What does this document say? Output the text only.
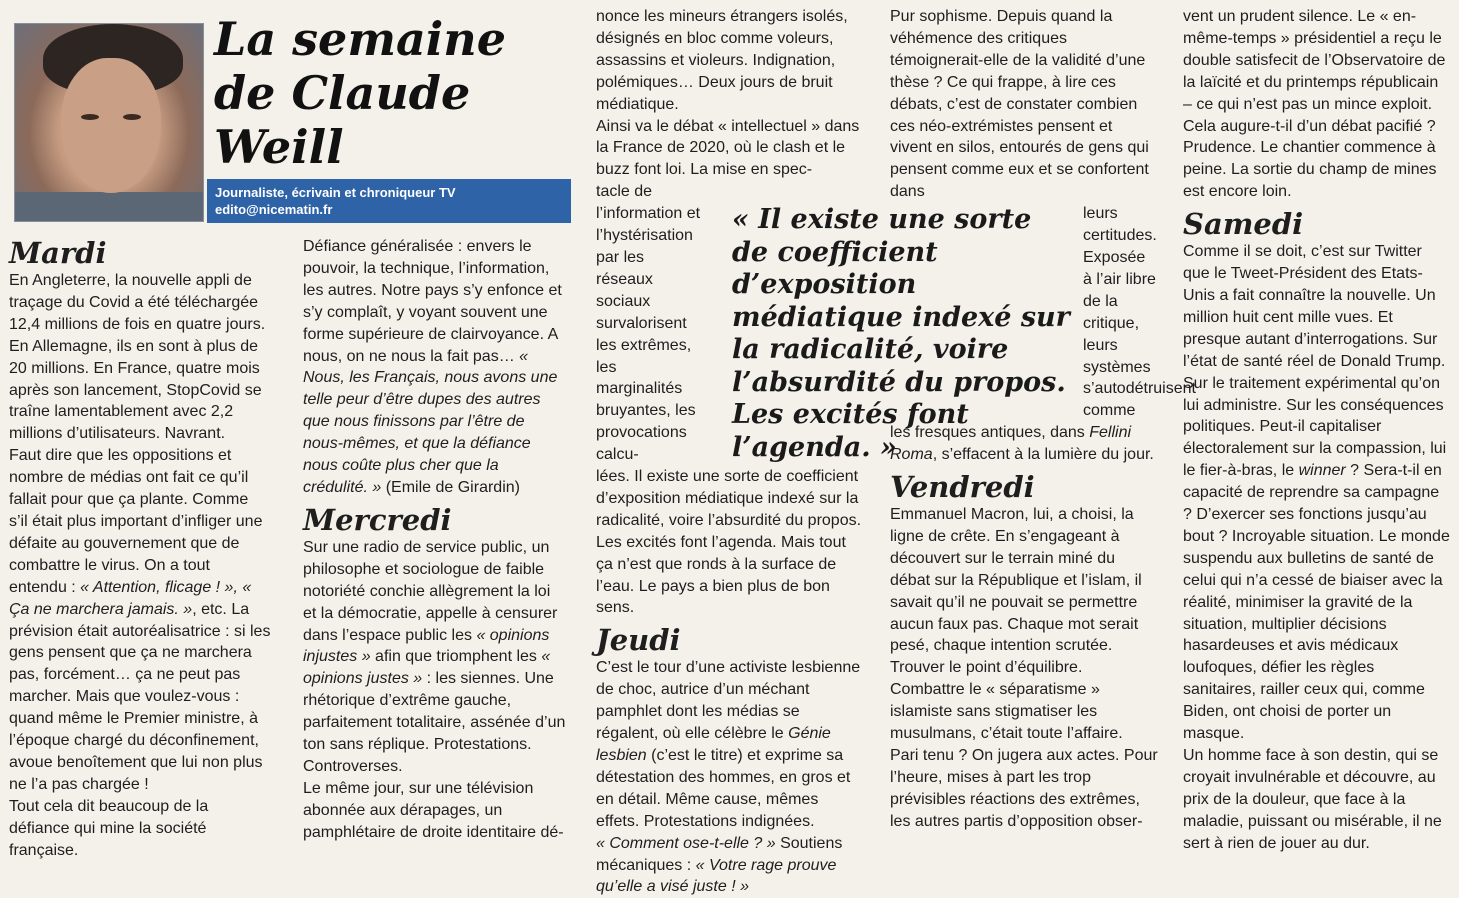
La semaine
de Claude Weill
Journaliste, écrivain et chroniqueur TV
edito@nicematin.fr
Mardi

En Angleterre, la nouvelle appli de traçage du Covid a été téléchargée 12,4 millions de fois en quatre jours. En Allemagne, ils en sont à plus de 20 millions. En France, quatre mois après son lancement, StopCovid se traîne lamentablement avec 2,2 millions d’utilisateurs. Navrant.

Faut dire que les oppositions et nombre de médias ont fait ce qu’il fallait pour que ça plante. Comme s’il était plus important d’infliger une défaite au gouvernement que de combattre le virus. On a tout entendu : « Attention, flicage ! », « Ça ne marchera jamais. », etc. La prévision était autoréalisatrice : si les gens pensent que ça ne marchera pas, forcément… ça ne peut pas marcher. Mais que voulez-vous : quand même le Premier ministre, à l’époque chargé du déconfinement, avoue benoîtement que lui non plus ne l’a pas chargée !

Tout cela dit beaucoup de la défiance qui mine la société française.

Défiance généralisée : envers le pouvoir, la technique, l’information, les autres. Notre pays s’y enfonce et s’y complaît, y voyant souvent une forme supérieure de clairvoyance. A nous, on ne nous la fait pas… « Nous, les Français, nous avons une telle peur d’être dupes des autres que nous finissons par l’être de nous-mêmes, et que la défiance nous coûte plus cher que la crédulité. » (Emile de Girardin)

Mercredi

Sur une radio de service public, un philosophe et sociologue de faible notoriété conchie allègrement la loi et la démocratie, appelle à censurer dans l’espace public les « opinions injustes » afin que triomphent les « opinions justes » : les siennes. Une rhétorique d’extrême gauche, parfaitement totalitaire, assénée d’un ton sans réplique. Protestations. Controverses.

Le même jour, sur une télévision abonnée aux dérapages, un pamphlétaire de droite identitaire dé-

nonce les mineurs étrangers isolés, désignés en bloc comme voleurs, assassins et violeurs. Indignation, polémiques… Deux jours de bruit médiatique.

Ainsi va le débat « intellectuel » dans la France de 2020, où le clash et le buzz font loi. La mise en spec-

tacle de l’information et l’hystérisation par les réseaux sociaux survalorisent les extrêmes, les marginalités bruyantes, les provocations calcu-

lées. Il existe une sorte de coefficient d’exposition médiatique indexé sur la radicalité, voire l’absurdité du propos. Les excités font l’agenda. Mais tout ça n’est que ronds à la surface de l’eau. Le pays a bien plus de bon sens.

Jeudi

C’est le tour d’une activiste lesbienne de choc, autrice d’un méchant pamphlet dont les médias se régalent, où elle célèbre le Génie lesbien (c’est le titre) et exprime sa détestation des hommes, en gros et en détail. Même cause, mêmes effets. Protestations indignées.

« Comment ose-t-elle ? » Soutiens mécaniques : « Votre rage prouve qu’elle a visé juste ! »

Pur sophisme. Depuis quand la véhémence des critiques témoignerait-elle de la validité d’une thèse ? Ce qui frappe, à lire ces débats, c’est de constater combien ces néo-extrémistes pensent et vivent en silos, entourés de gens qui pensent comme eux et se confortent dans

leurs certitudes. Exposée à l’air libre de la critique, leurs systèmes s’autodétruisent comme

les fresques antiques, dans Fellini Roma, s’effacent à la lumière du jour.

Vendredi

Emmanuel Macron, lui, a choisi, la ligne de crête. En s’engageant à découvert sur le terrain miné du débat sur la République et l’islam, il savait qu’il ne pouvait se permettre aucun faux pas. Chaque mot serait pesé, chaque intention scrutée. Trouver le point d’équilibre. Combattre le « séparatisme » islamiste sans stigmatiser les musulmans, c’était toute l’affaire.

Pari tenu ? On jugera aux actes. Pour l’heure, mises à part les trop prévisibles réactions des extrêmes, les autres partis d’opposition obser-

vent un prudent silence. Le « en-même-temps » présidentiel a reçu le double satisfecit de l’Observatoire de la laïcité et du printemps républicain – ce qui n’est pas un mince exploit. Cela augure-t-il d’un débat pacifié ? Prudence. Le chantier commence à peine. La sortie du champ de mines est encore loin.

Samedi

Comme il se doit, c’est sur Twitter que le Tweet-Président des Etats-Unis a fait connaître la nouvelle. Un million huit cent mille vues. Et presque autant d’interrogations. Sur l’état de santé réel de Donald Trump. Sur le traitement expérimental qu’on lui administre. Sur les conséquences politiques. Peut-il capitaliser électoralement sur la compassion, lui le fier-à-bras, le winner ? Sera-t-il en capacité de reprendre sa campagne ? D’exercer ses fonctions jusqu’au bout ? Incroyable situation. Le monde suspendu aux bulletins de santé de celui qui n’a cessé de biaiser avec la réalité, minimiser la gravité de la situation, multiplier décisions hasardeuses et avis médicaux loufoques, défier les règles sanitaires, railler ceux qui, comme Biden, ont choisi de porter un masque.

Un homme face à son destin, qui se croyait invulnérable et découvre, au prix de la douleur, que face à la maladie, puissant ou misérable, il ne sert à rien de jouer au dur.

« Il existe une sorte de coefficient d’exposition médiatique indexé sur la radicalité, voire l’absurdité du propos. Les excités font l’agenda. »
